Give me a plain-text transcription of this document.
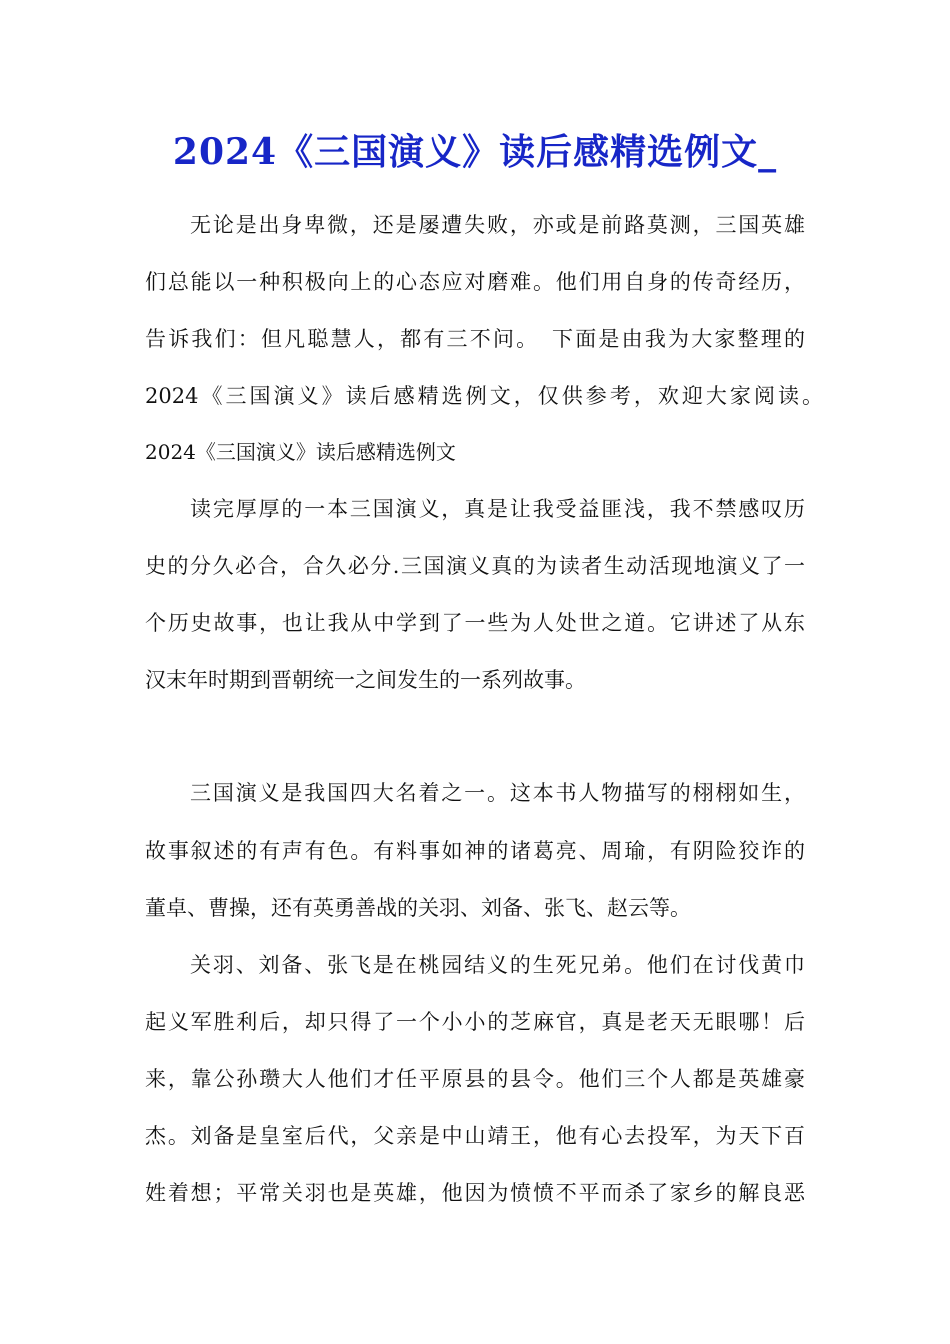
2024《三国演义》读后感精选例文_
无论是出身卑微，还是屡遭失败，亦或是前路莫测，三国英雄
们总能以一种积极向上的心态应对磨难。他们用自身的传奇经历，
告诉我们：但凡聪慧人，都有三不问。　下面是由我为大家整理的
2024《三国演义》读后感精选例文，仅供参考，欢迎大家阅读。
2024《三国演义》读后感精选例文
读完厚厚的一本三国演义，真是让我受益匪浅，我不禁感叹历
史的分久必合，合久必分.三国演义真的为读者生动活现地演义了一
个历史故事，也让我从中学到了一些为人处世之道。它讲述了从东
汉末年时期到晋朝统一之间发生的一系列故事。
三国演义是我国四大名着之一。这本书人物描写的栩栩如生，
故事叙述的有声有色。有料事如神的诸葛亮、周瑜，有阴险狡诈的
董卓、曹操，还有英勇善战的关羽、刘备、张飞、赵云等。
关羽、刘备、张飞是在桃园结义的生死兄弟。他们在讨伐黄巾
起义军胜利后，却只得了一个小小的芝麻官，真是老天无眼哪！后
来，靠公孙瓒大人他们才任平原县的县令。他们三个人都是英雄豪
杰。刘备是皇室后代，父亲是中山靖王，他有心去投军，为天下百
姓着想；平常关羽也是英雄，他因为愤愤不平而杀了家乡的解良恶
